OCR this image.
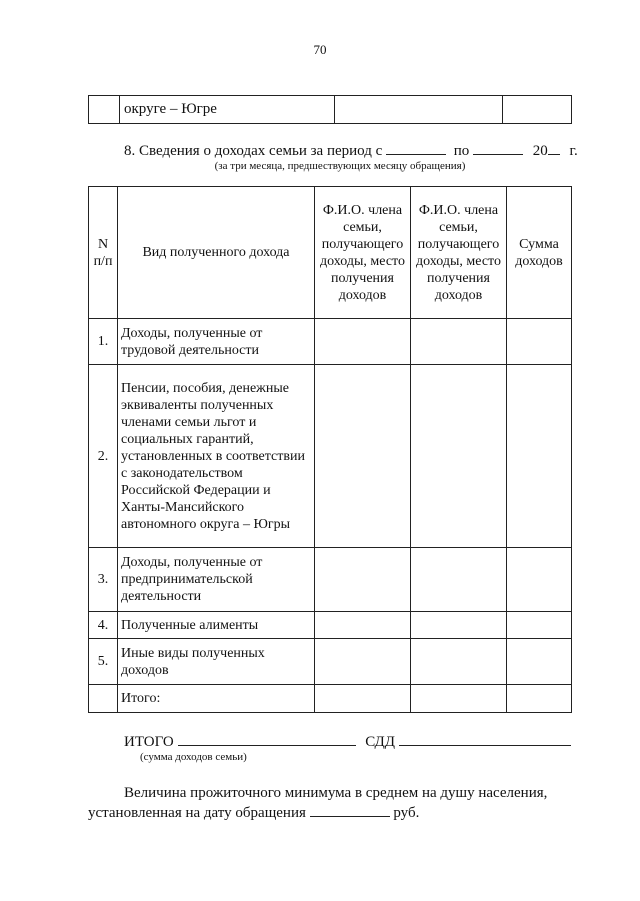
70
	округе – Югре		
8. Сведения о доходах семьи за период с	по	20 г.
(за три месяца, предшествующих месяцу обращения)
N п/п	Вид полученного дохода	Ф.И.О. члена семьи, получающего доходы, место получения доходов	Ф.И.О. члена семьи, получающего доходы, место получения доходов	Сумма доходов
1.	Доходы, полученные от трудовой деятельности			
2.	Пенсии, пособия, денежные эквиваленты полученных членами семьи льгот и социальных гарантий, установленных в соответствии с законодательством Российской Федерации и Ханты-Мансийского автономного округа – Югры			
3.	Доходы, полученные от предпринимательской деятельности			
4.	Полученные алименты			
5.	Иные виды полученных доходов			
	Итого:			
ИТОГО	СДД
(сумма доходов семьи)
Величина прожиточного минимума в среднем на душу населения,
установленная на дату обращения	руб.
